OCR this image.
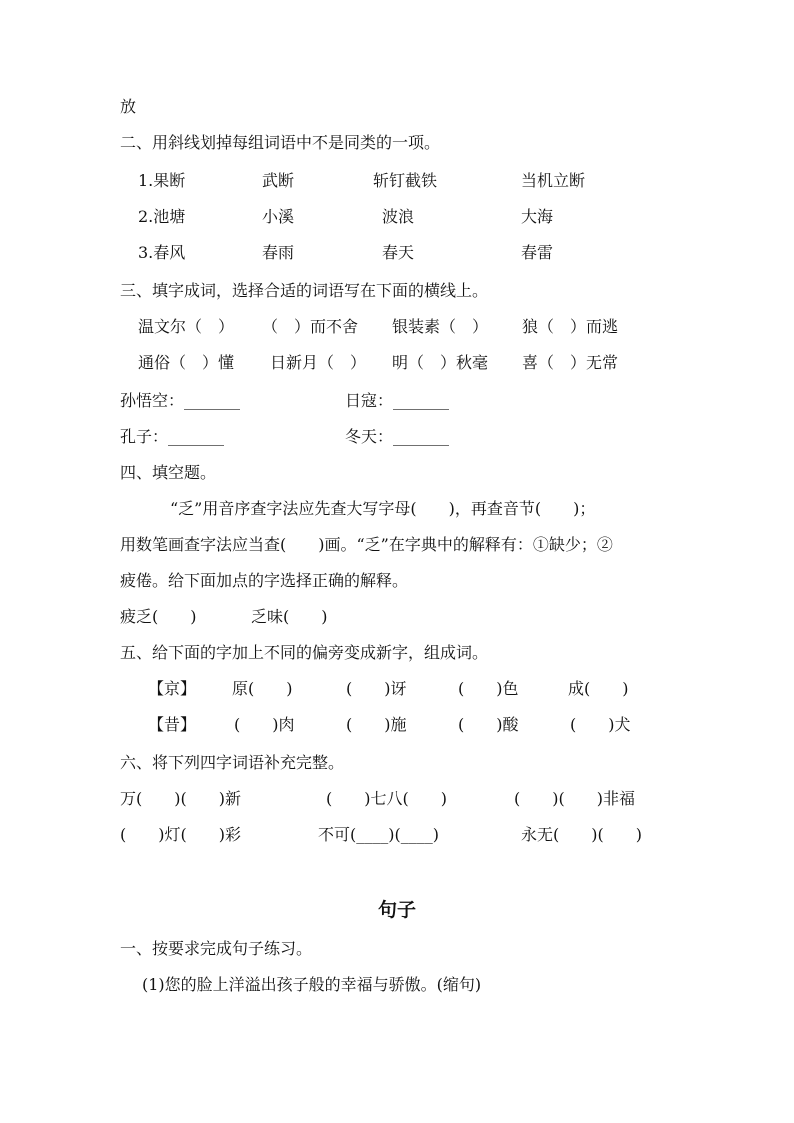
放
二、用斜线划掉每组词语中不是同类的一项。
1.果断	武断	斩钉截铁	当机立断
2.池塘	小溪	波浪	大海
3.春风	春雨	春天	春雷
三、填字成词，选择合适的词语写在下面的横线上。
温文尔（　） （　）而不舍 银装素（　） 狼（　）而逃
通俗（　）懂 日新月（　） 明（　）秋毫 喜（　）无常
孙悟空：_______	日寇：_______
孔子：_______	冬天：_______
四、填空题。
“乏”用音序查字法应先查大写字母(　　)，再查音节(　　)；
用数笔画查字法应当查(　　)画。“乏”在字典中的解释有：①缺少；②
疲倦。给下面加点的字选择正确的解释。
疲乏(　　)	乏味(　　)
五、给下面的字加上不同的偏旁变成新字，组成词。
【京】 原(　　)	(　　)讶	(　　)色	成(　　)
【昔】 (　　)肉	(　　)施	(　　)酸	(　　)犬
六、将下列四字词语补充完整。
万(　　)(　　)新	(　　)七八(　　)	(　　)(　　)非福
(　　)灯(　　)彩	不可(____)(____)	永无(　　)(　　)
句子
一、按要求完成句子练习。
(1)您的脸上洋溢出孩子般的幸福与骄傲。(缩句)
